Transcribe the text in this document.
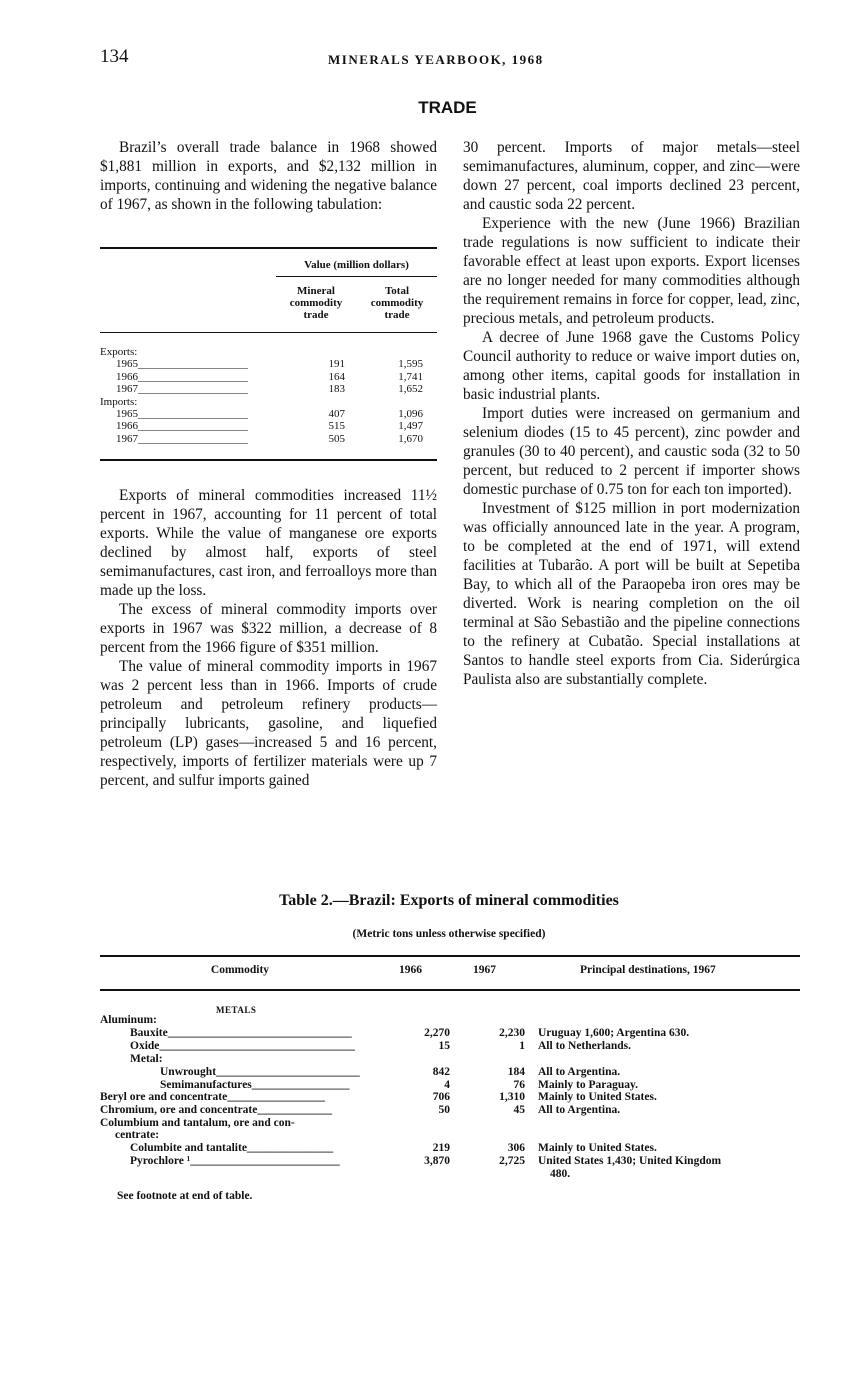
134	MINERALS YEARBOOK, 1968
TRADE

Brazil’s overall trade balance in 1968 showed $1,881 million in exports, and $2,132 million in imports, continuing and widening the negative balance of 1967, as shown in the following tabulation:

Value (million dollars)
Mineral
commodity
trade
Total
commodity
trade
Exports:
1965____________________	191	1,595
1966____________________	164	1,741
1967____________________	183	1,652
Imports:
1965____________________	407	1,096
1966____________________	515	1,497
1967____________________	505	1,670

Exports of mineral commodities increased 11½ percent in 1967, accounting for 11 percent of total exports. While the value of manganese ore exports declined by almost half, exports of steel semimanufactures, cast iron, and ferroalloys more than made up the loss.

The excess of mineral commodity imports over exports in 1967 was $322 million, a decrease of 8 percent from the 1966 figure of $351 million.

The value of mineral commodity imports in 1967 was 2 percent less than in 1966. Imports of crude petroleum and petroleum refinery products—principally lubricants, gasoline, and liquefied petroleum (LP) gases—increased 5 and 16 percent, respectively, imports of fertilizer materials were up 7 percent, and sulfur imports gained

30 percent. Imports of major metals—steel semimanufactures, aluminum, copper, and zinc—were down 27 percent, coal imports declined 23 percent, and caustic soda 22 percent.

Experience with the new (June 1966) Brazilian trade regulations is now sufficient to indicate their favorable effect at least upon exports. Export licenses are no longer needed for many commodities although the requirement remains in force for copper, lead, zinc, precious metals, and petroleum products.

A decree of June 1968 gave the Customs Policy Council authority to reduce or waive import duties on, among other items, capital goods for installation in basic industrial plants.

Import duties were increased on germanium and selenium diodes (15 to 45 percent), zinc powder and granules (30 to 40 percent), and caustic soda (32 to 50 percent, but reduced to 2 percent if importer shows domestic purchase of 0.75 ton for each ton imported).

Investment of $125 million in port modernization was officially announced late in the year. A program, to be completed at the end of 1971, will extend facilities at Tubarão. A port will be built at Sepetiba Bay, to which all of the Paraopeba iron ores may be diverted. Work is nearing completion on the oil terminal at São Sebastião and the pipeline connections to the refinery at Cubatão. Special installations at Santos to handle steel exports from Cia. Siderúrgica Paulista also are substantially complete.

Table 2.—Brazil: Exports of mineral commodities
(Metric tons unless otherwise specified)
Commodity	1966	1967	Principal destinations, 1967
METALS
Aluminum:
Bauxite________________________________	2,270	2,230 Uruguay 1,600; Argentina 630.
Oxide__________________________________	15	1 All to Netherlands.
Metal:
Unwrought_________________________	842	184 All to Argentina.
Semimanufactures_________________	4	76 Mainly to Paraguay.
Beryl ore and concentrate_________________	706	1,310 Mainly to United States.
Chromium, ore and concentrate_____________	50	45 All to Argentina.
Columbium and tantalum, ore and con-
centrate:
Columbite and tantalite_______________	219	306 Mainly to United States.
Pyrochlore ¹__________________________	3,870	2,725 United States 1,430; United Kingdom
480.
See footnote at end of table.
